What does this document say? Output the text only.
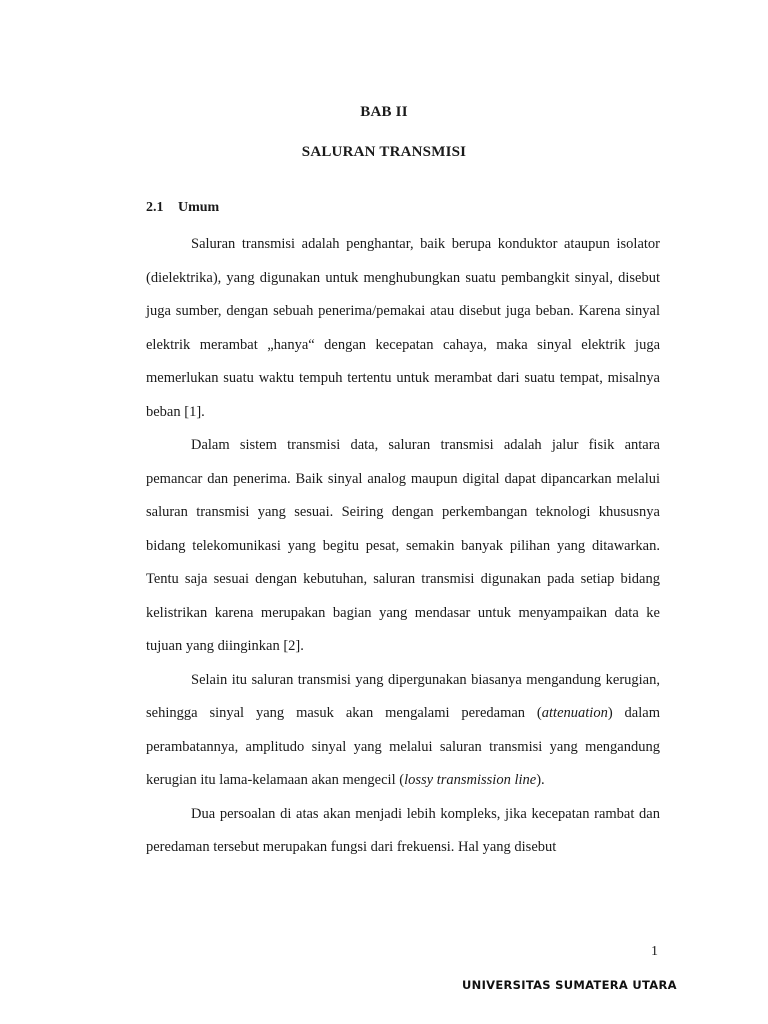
BAB II
SALURAN TRANSMISI
2.1 Umum

Saluran transmisi adalah penghantar, baik berupa konduktor ataupun isolator (dielektrika), yang digunakan untuk menghubungkan suatu pembangkit sinyal, disebut juga sumber, dengan sebuah penerima/pemakai atau disebut juga beban. Karena sinyal elektrik merambat „hanya“ dengan kecepatan cahaya, maka sinyal elektrik juga memerlukan suatu waktu tempuh tertentu untuk merambat dari suatu tempat, misalnya beban [1].

Dalam sistem transmisi data, saluran transmisi adalah jalur fisik antara pemancar dan penerima. Baik sinyal analog maupun digital dapat dipancarkan melalui saluran transmisi yang sesuai. Seiring dengan perkembangan teknologi khususnya bidang telekomunikasi yang begitu pesat, semakin banyak pilihan yang ditawarkan. Tentu saja sesuai dengan kebutuhan, saluran transmisi digunakan pada setiap bidang kelistrikan karena merupakan bagian yang mendasar untuk menyampaikan data ke tujuan yang diinginkan [2].

Selain itu saluran transmisi yang dipergunakan biasanya mengandung kerugian, sehingga sinyal yang masuk akan mengalami peredaman (attenuation) dalam perambatannya, amplitudo sinyal yang melalui saluran transmisi yang mengandung kerugian itu lama-kelamaan akan mengecil (lossy transmission line).

Dua persoalan di atas akan menjadi lebih kompleks, jika kecepatan rambat dan peredaman tersebut merupakan fungsi dari frekuensi. Hal yang disebut

1
UNIVERSITAS SUMATERA UTARA
